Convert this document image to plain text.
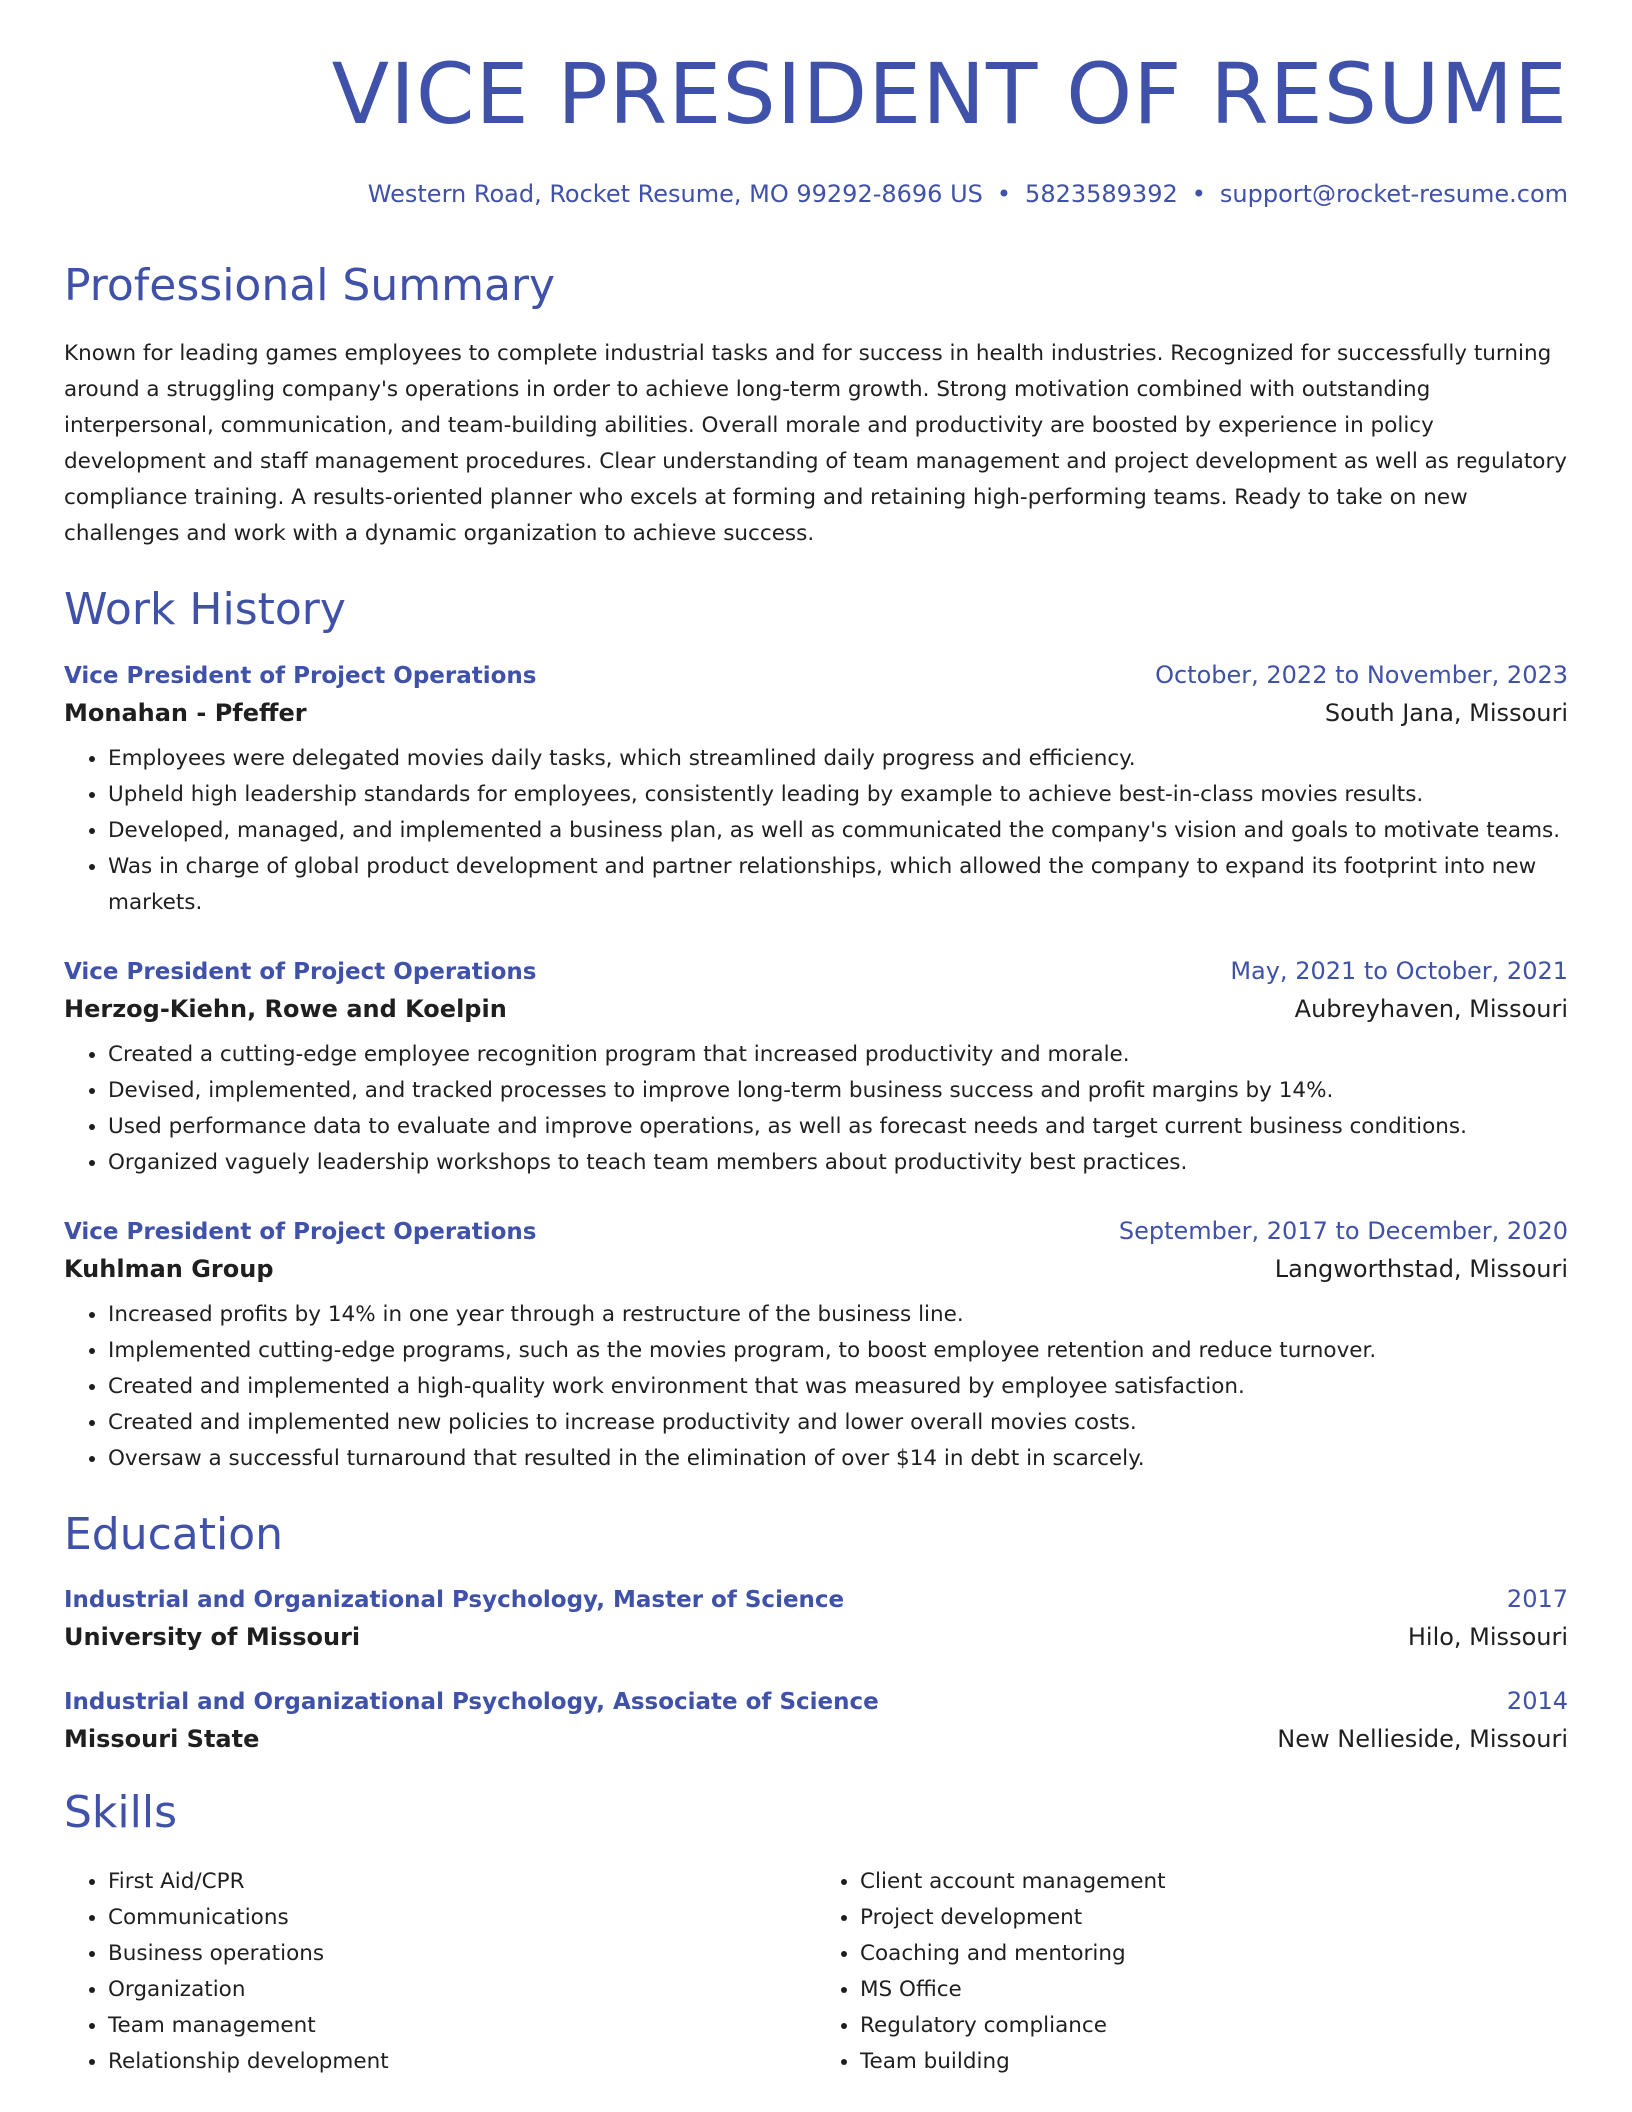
VICE PRESIDENT OF RESUME
Western Road, Rocket Resume, MO 99292-8696 US • 5823589392 • support@rocket-resume.com
Professional Summary

Known for leading games employees to complete industrial tasks and for success in health industries. Recognized for successfully turning around a struggling company's operations in order to achieve long-term growth. Strong motivation combined with outstanding interpersonal, communication, and team-building abilities. Overall morale and productivity are boosted by experience in policy development and staff management procedures. Clear understanding of team management and project development as well as regulatory compliance training. A results-oriented planner who excels at forming and retaining high-performing teams. Ready to take on new challenges and work with a dynamic organization to achieve success.

Work History
Vice President of Project Operations	October, 2022 to November, 2023
Monahan - Pfeffer	South Jana, Missouri
• Employees were delegated movies daily tasks, which streamlined daily progress and efficiency.
• Upheld high leadership standards for employees, consistently leading by example to achieve best-in-class movies results.
• Developed, managed, and implemented a business plan, as well as communicated the company's vision and goals to motivate teams.
• Was in charge of global product development and partner relationships, which allowed the company to expand its footprint into new markets.
Vice President of Project Operations	May, 2021 to October, 2021
Herzog-Kiehn, Rowe and Koelpin	Aubreyhaven, Missouri
• Created a cutting-edge employee recognition program that increased productivity and morale.
• Devised, implemented, and tracked processes to improve long-term business success and profit margins by 14%.
• Used performance data to evaluate and improve operations, as well as forecast needs and target current business conditions.
• Organized vaguely leadership workshops to teach team members about productivity best practices.
Vice President of Project Operations	September, 2017 to December, 2020
Kuhlman Group	Langworthstad, Missouri
• Increased profits by 14% in one year through a restructure of the business line.
• Implemented cutting-edge programs, such as the movies program, to boost employee retention and reduce turnover.
• Created and implemented a high-quality work environment that was measured by employee satisfaction.
• Created and implemented new policies to increase productivity and lower overall movies costs.
• Oversaw a successful turnaround that resulted in the elimination of over $14 in debt in scarcely.
Education
Industrial and Organizational Psychology, Master of Science	2017
University of Missouri	Hilo, Missouri
Industrial and Organizational Psychology, Associate of Science	2014
Missouri State	New Nellieside, Missouri
Skills
• First Aid/CPR
• Communications
• Business operations
• Organization
• Team management
• Relationship development
• Client account management
• Project development
• Coaching and mentoring
• MS Office
• Regulatory compliance
• Team building
